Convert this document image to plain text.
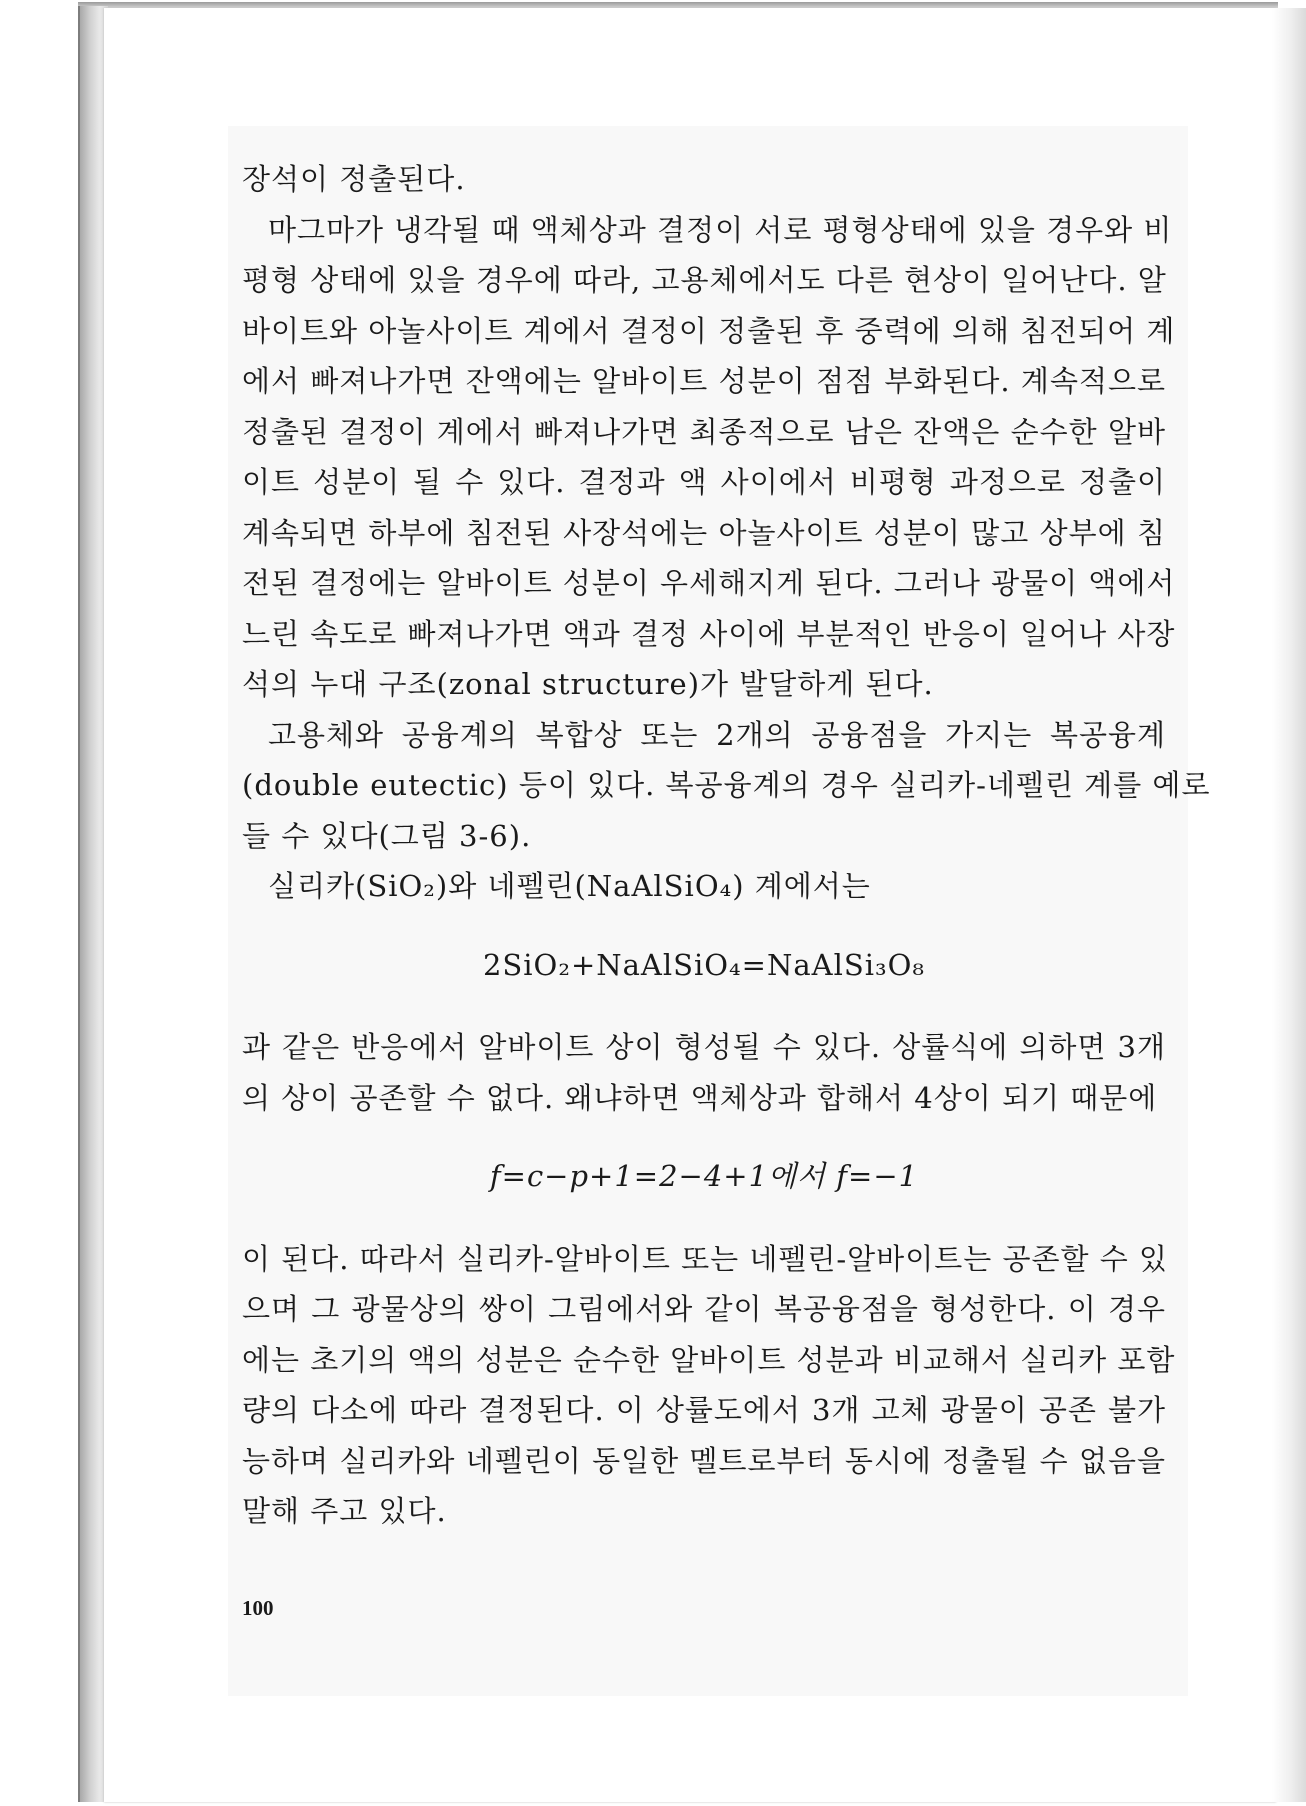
장석이 정출된다.
마그마가 냉각될 때 액체상과 결정이 서로 평형상태에 있을 경우와 비
평형 상태에 있을 경우에 따라, 고용체에서도 다른 현상이 일어난다. 알
바이트와 아놀사이트 계에서 결정이 정출된 후 중력에 의해 침전되어 계
에서 빠져나가면 잔액에는 알바이트 성분이 점점 부화된다. 계속적으로
정출된 결정이 계에서 빠져나가면 최종적으로 남은 잔액은 순수한 알바
이트 성분이 될 수 있다. 결정과 액 사이에서 비평형 과정으로 정출이
계속되면 하부에 침전된 사장석에는 아놀사이트 성분이 많고 상부에 침
전된 결정에는 알바이트 성분이 우세해지게 된다. 그러나 광물이 액에서
느린 속도로 빠져나가면 액과 결정 사이에 부분적인 반응이 일어나 사장
석의 누대 구조(zonal structure)가 발달하게 된다.
고용체와 공융계의 복합상 또는 2개의 공융점을 가지는 복공융계
(double eutectic) 등이 있다. 복공융계의 경우 실리카-네펠린 계를 예로
들 수 있다(그림 3-6).
실리카(SiO₂)와 네펠린(NaAlSiO₄) 계에서는
2SiO₂+NaAlSiO₄=NaAlSi₃O₈
과 같은 반응에서 알바이트 상이 형성될 수 있다. 상률식에 의하면 3개
의 상이 공존할 수 없다. 왜냐하면 액체상과 합해서 4상이 되기 때문에
f=c−p+1=2−4+1에서 f=−1
이 된다. 따라서 실리카-알바이트 또는 네펠린-알바이트는 공존할 수 있
으며 그 광물상의 쌍이 그림에서와 같이 복공융점을 형성한다. 이 경우
에는 초기의 액의 성분은 순수한 알바이트 성분과 비교해서 실리카 포함
량의 다소에 따라 결정된다. 이 상률도에서 3개 고체 광물이 공존 불가
능하며 실리카와 네펠린이 동일한 멜트로부터 동시에 정출될 수 없음을
말해 주고 있다.
100
